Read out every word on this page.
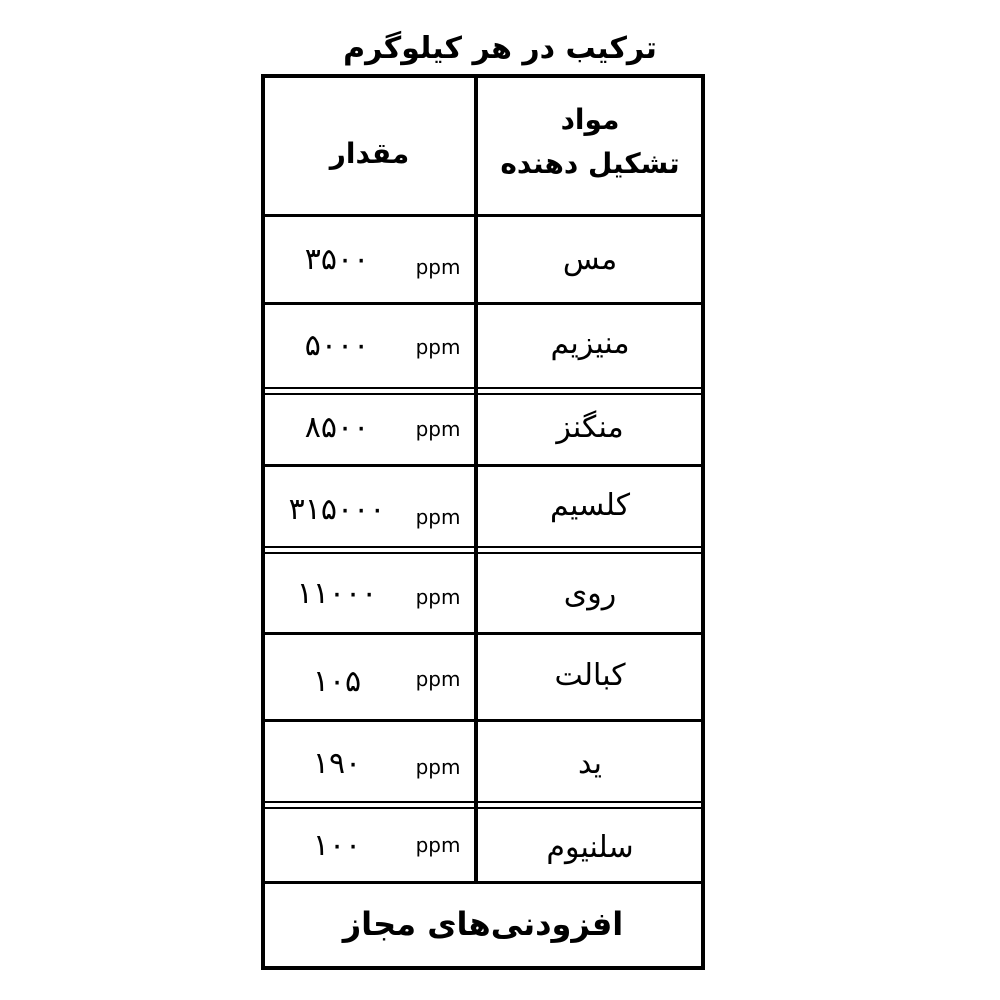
ترکیب در هر کیلوگرم
مواد
تشکیل دهنده
مقدار
مس
ppm
۳۵۰۰
منیزیم
ppm
۵۰۰۰
منگنز
ppm
۸۵۰۰
کلسیم
ppm
۳۱۵۰۰۰
روی
ppm
۱۱۰۰۰
کبالت
ppm
۱۰۵
ید
ppm
۱۹۰
سلنیوم
ppm
۱۰۰
افزودنی‌های مجاز
